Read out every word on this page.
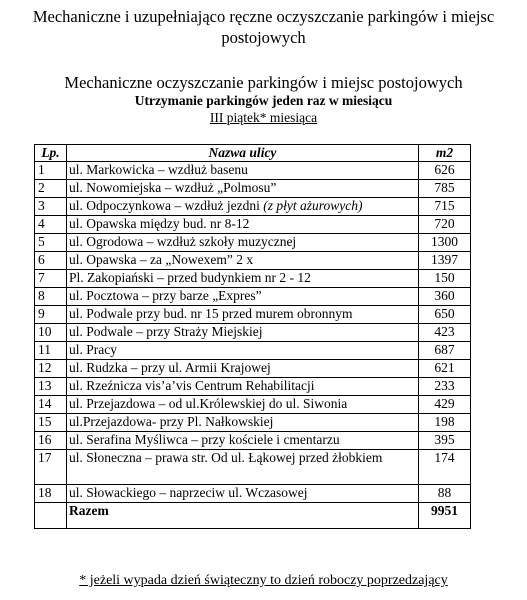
Mechaniczne i uzupełniająco ręczne oczyszczanie parkingów i miejsc
postojowych
Mechaniczne oczyszczanie parkingów i miejsc postojowych
Utrzymanie parkingów jeden raz w miesiącu
III piątek* miesiąca
Lp.	Nazwa ulicy	m2
1	ul. Markowicka – wzdłuż basenu	626
2	ul. Nowomiejska – wzdłuż „Polmosu”	785
3	ul. Odpoczynkowa – wzdłuż jezdni (z płyt ażurowych)	715
4	ul. Opawska między bud. nr 8-12	720
5	ul. Ogrodowa – wzdłuż szkoły muzycznej	1300
6	ul. Opawska – za „Nowexem” 2 x	1397
7	Pl. Zakopiański – przed budynkiem nr 2 - 12	150
8	ul. Pocztowa – przy barze „Expres”	360
9	ul. Podwale przy bud. nr 15 przed murem obronnym	650
10	ul. Podwale – przy Straży Miejskiej	423
11	ul. Pracy	687
12	ul. Rudzka – przy ul. Armii Krajowej	621
13	ul. Rzeźnicza vis’a’vis Centrum Rehabilitacji	233
14	ul. Przejazdowa – od ul.Królewskiej do ul. Siwonia	429
15	ul.Przejazdowa- przy Pl. Nałkowskiej	198
16	ul. Serafina Myśliwca – przy kościele i cmentarzu	395
17	ul. Słoneczna – prawa str. Od ul. Łąkowej przed żłobkiem	174
18	ul. Słowackiego – naprzeciw ul. Wczasowej	88
	Razem	9951
* jeżeli wypada dzień świąteczny to dzień roboczy poprzedzający
